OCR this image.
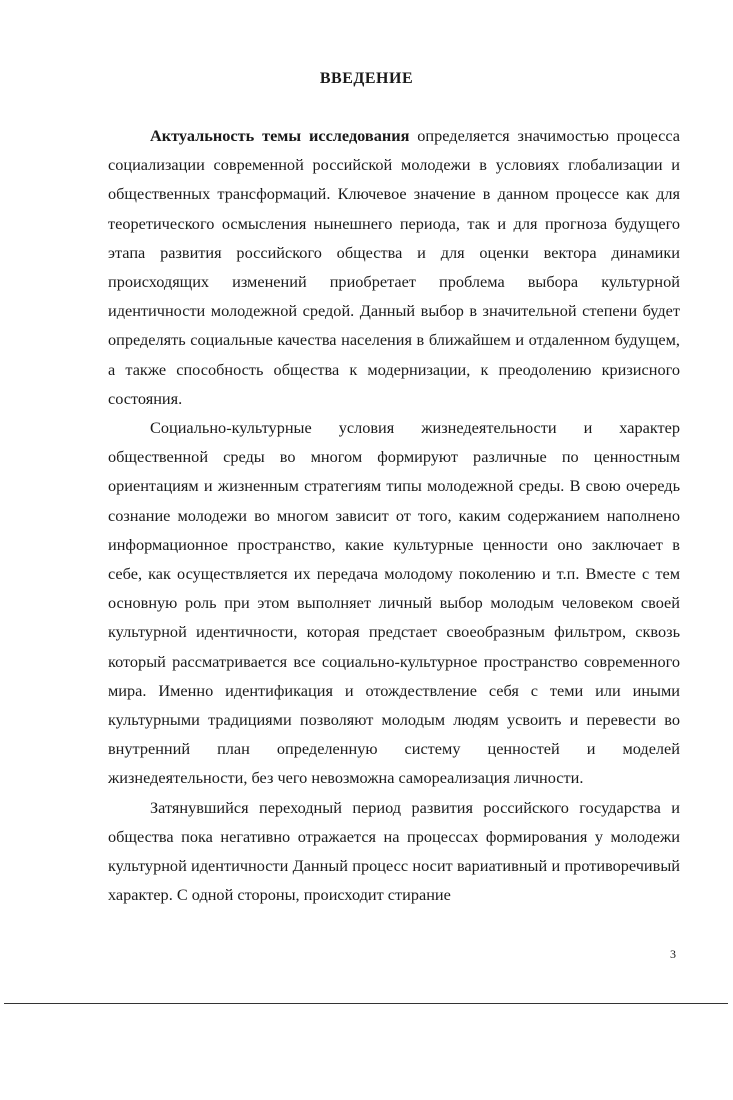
ВВЕДЕНИЕ

Актуальность темы исследования определяется значимостью процесса социализации современной российской молодежи в условиях глобализации и общественных трансформаций. Ключевое значение в данном процессе как для теоретического осмысления нынешнего периода, так и для прогноза будущего этапа развития российского общества и для оценки вектора динамики происходящих изменений приобретает проблема выбора культурной идентичности молодежной средой. Данный выбор в значительной степени будет определять социальные качества населения в ближайшем и отдаленном будущем, а также способность общества к модернизации, к преодолению кризисного состояния.

Социально-культурные условия жизнедеятельности и характер общественной среды во многом формируют различные по ценностным ориентациям и жизненным стратегиям типы молодежной среды. В свою очередь сознание молодежи во многом зависит от того, каким содержанием наполнено информационное пространство, какие культурные ценности оно заключает в себе, как осуществляется их передача молодому поколению и т.п. Вместе с тем основную роль при этом выполняет личный выбор молодым человеком своей культурной идентичности, которая предстает своеобразным фильтром, сквозь который рассматривается все социально-культурное пространство современного мира. Именно идентификация и отождествление себя с теми или иными культурными традициями позволяют молодым людям усвоить и перевести во внутренний план определенную систему ценностей и моделей жизнедеятельности, без чего невозможна самореализация личности.

Затянувшийся переходный период развития российского государства и общества пока негативно отражается на процессах формирования у молодежи культурной идентичности Данный процесс носит вариативный и противоречивый характер. С одной стороны, происходит стирание

3
